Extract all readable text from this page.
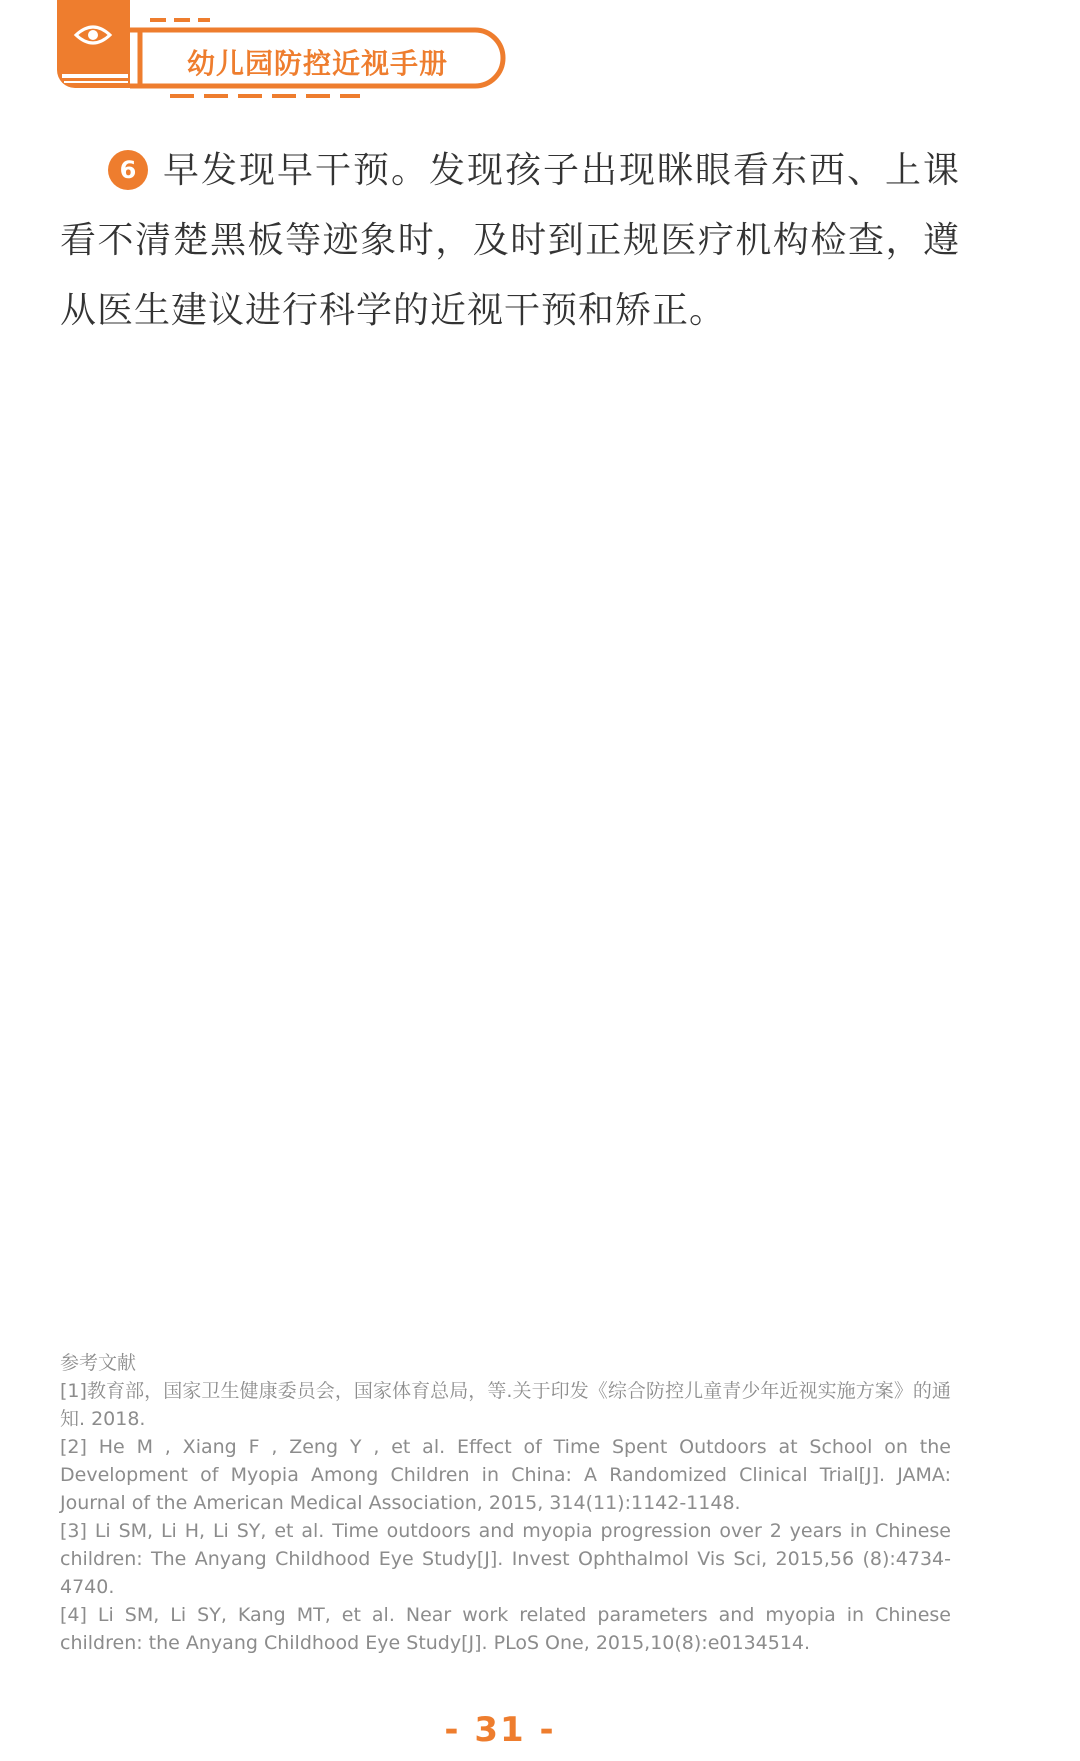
幼儿园防控近视手册
6 早发现早干预。发现孩子出现眯眼看东西、上课看不清楚黑板等迹象时，及时到正规医疗机构检查，遵从医生建议进行科学的近视干预和矫正。

参考文献

[1]教育部，国家卫生健康委员会，国家体育总局，等.关于印发《综合防控儿童青少年近视实施方案》的通知. 2018.

[2] He M , Xiang F , Zeng Y , et al. Effect of Time Spent Outdoors at School on the Development of Myopia Among Children in China: A Randomized Clinical Trial[J]. JAMA: Journal of the American Medical Association, 2015, 314(11):1142-1148.

[3] Li SM, Li H, Li SY, et al. Time outdoors and myopia progression over 2 years in Chinese children: The Anyang Childhood Eye Study[J]. Invest Ophthalmol Vis Sci, 2015,56 (8):4734-4740.

[4] Li SM, Li SY, Kang MT, et al. Near work related parameters and myopia in Chinese children: the Anyang Childhood Eye Study[J]. PLoS One, 2015,10(8):e0134514.

- 31 -
